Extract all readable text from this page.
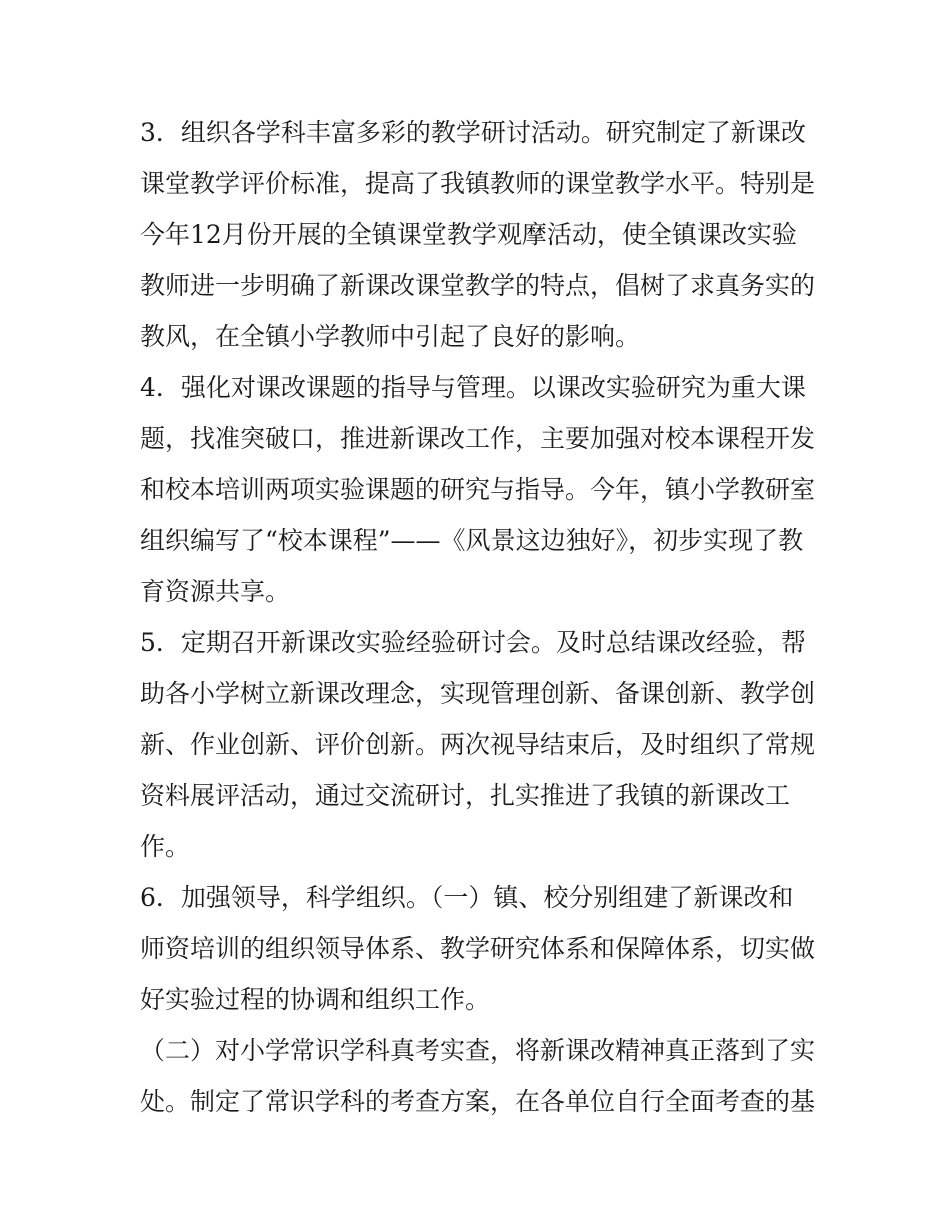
3．组织各学科丰富多彩的教学研讨活动。研究制定了新课改
课堂教学评价标准，提高了我镇教师的课堂教学水平。特别是
今年12月份开展的全镇课堂教学观摩活动，使全镇课改实验
教师进一步明确了新课改课堂教学的特点，倡树了求真务实的
教风，在全镇小学教师中引起了良好的影响。
4．强化对课改课题的指导与管理。以课改实验研究为重大课
题，找准突破口，推进新课改工作，主要加强对校本课程开发
和校本培训两项实验课题的研究与指导。今年，镇小学教研室
组织编写了“校本课程”——《风景这边独好》，初步实现了教
育资源共享。
5．定期召开新课改实验经验研讨会。及时总结课改经验，帮
助各小学树立新课改理念，实现管理创新、备课创新、教学创
新、作业创新、评价创新。两次视导结束后，及时组织了常规
资料展评活动，通过交流研讨，扎实推进了我镇的新课改工
作。
6．加强领导，科学组织。（一）镇、校分别组建了新课改和
师资培训的组织领导体系、教学研究体系和保障体系，切实做
好实验过程的协调和组织工作。
（二）对小学常识学科真考实查，将新课改精神真正落到了实
处。制定了常识学科的考查方案，在各单位自行全面考查的基
